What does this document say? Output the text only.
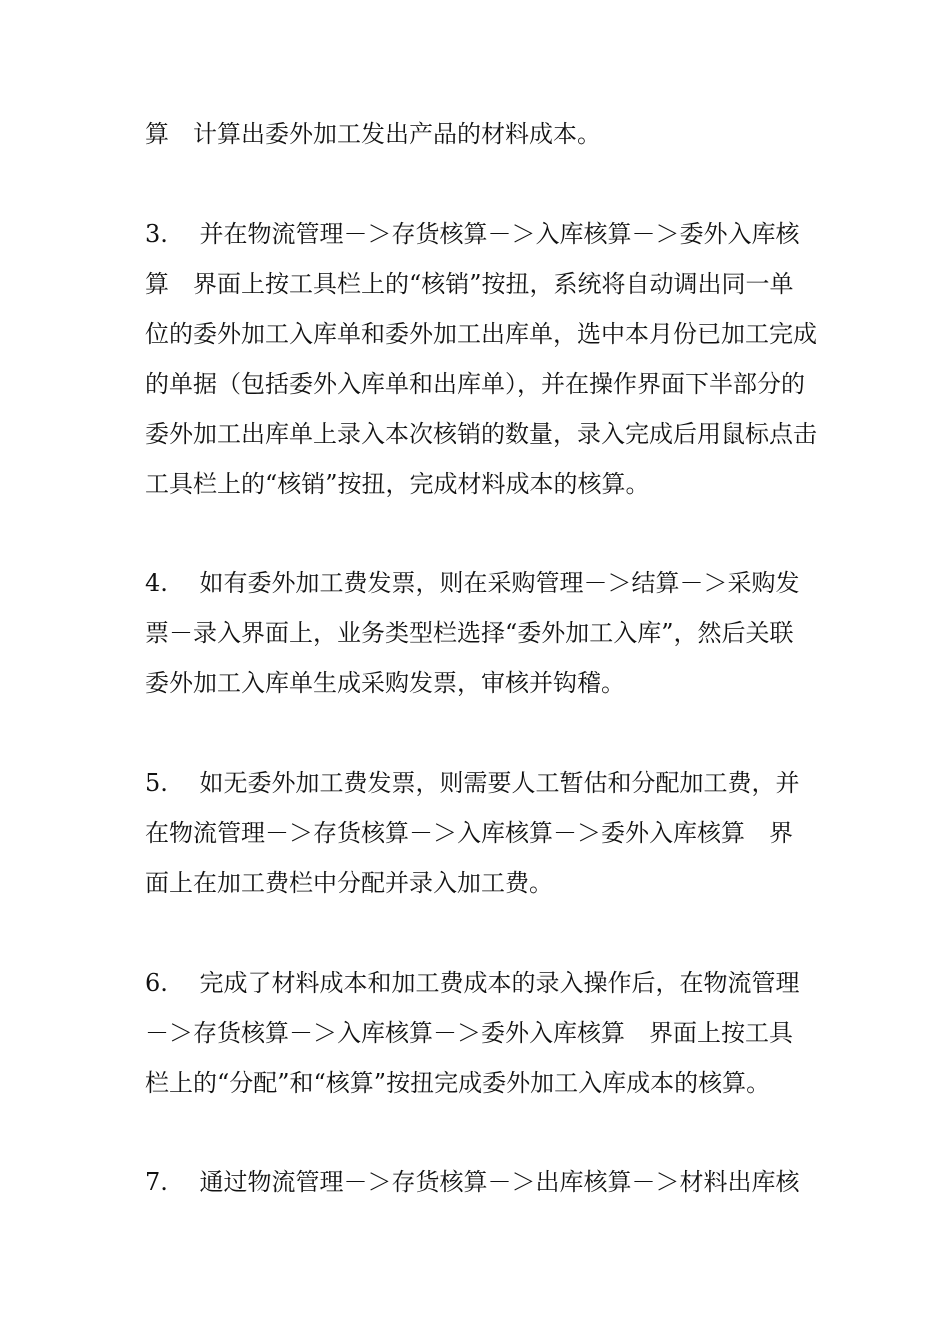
算　计算出委外加工发出产品的材料成本。
3.　 并在物流管理－＞存货核算－＞入库核算－＞委外入库核
算　界面上按工具栏上的“核销”按扭，系统将自动调出同一单
位的委外加工入库单和委外加工出库单，选中本月份已加工完成
的单据（包括委外入库单和出库单），并在操作界面下半部分的
委外加工出库单上录入本次核销的数量，录入完成后用鼠标点击
工具栏上的“核销”按扭，完成材料成本的核算。
4.　 如有委外加工费发票，则在采购管理－＞结算－＞采购发
票－录入界面上，业务类型栏选择“委外加工入库”，然后关联
委外加工入库单生成采购发票，审核并钩稽。
5.　 如无委外加工费发票，则需要人工暂估和分配加工费，并
在物流管理－＞存货核算－＞入库核算－＞委外入库核算　界
面上在加工费栏中分配并录入加工费。
6.　 完成了材料成本和加工费成本的录入操作后，在物流管理
－＞存货核算－＞入库核算－＞委外入库核算　界面上按工具
栏上的“分配”和“核算”按扭完成委外加工入库成本的核算。
7.　 通过物流管理－＞存货核算－＞出库核算－＞材料出库核
